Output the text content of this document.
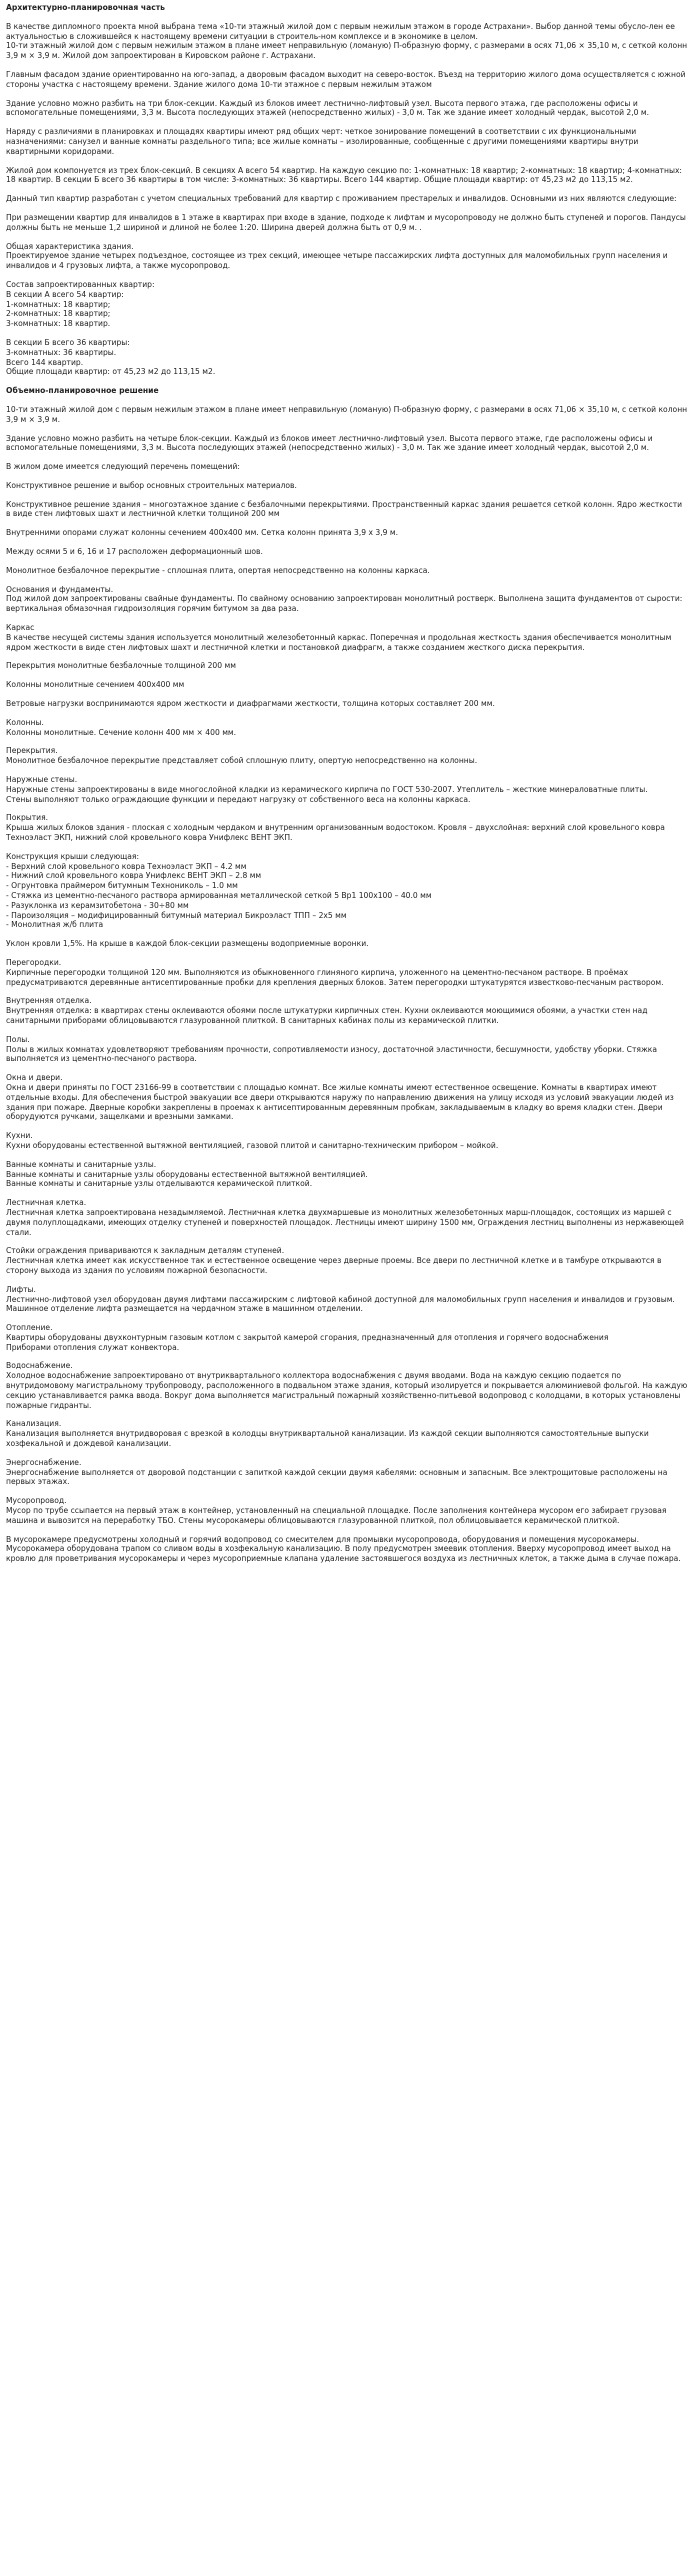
Архитектурно-планировочная часть
В качестве дипломного проекта мной выбрана тема «10-ти этажный жилой дом с первым нежилым этажом в городе Астрахани». Выбор данной темы обусло-лен ее актуальностью в сложившейся к настоящему времени ситуации в строитель-ном комплексе и в экономике в целом.
10-ти этажный жилой дом с первым нежилым этажом в плане имеет неправильную (ломаную) П-образную форму, с размерами в осях 71,06 × 35,10 м, с сеткой колонн 3,9 м × 3,9 м. Жилой дом запроектирован в Кировском районе г. Астрахани.
Главным фасадом здание ориентированно на юго-запад, а дворовым фасадом выходит на северо-восток. Въезд на территорию жилого дома осуществляется с южной стороны участка с настоящему времени. Здание жилого дома 10-ти этажное с первым нежилым этажом
Здание условно можно разбить на три блок-секции. Каждый из блоков имеет лестнично-лифтовый узел. Высота первого этажа, где расположены офисы и вспомогательные помещениями, 3,3 м. Высота последующих этажей (непосредственно жилых) - 3,0 м. Так же здание имеет холодный чердак, высотой 2,0 м.
Наряду с различиями в планировках и площадях квартиры имеют ряд общих черт: четкое зонирование помещений в соответствии с их функциональными назначениями: санузел и ванные комнаты раздельного типа; все жилые комнаты – изолированные, сообщенные с другими помещениями квартиры внутри квартирными коридорами.
Жилой дом компонуется из трех блок-секций. В секциях А всего 54 квартир. На каждую секцию по: 1-комнатных: 18 квартир; 2-комнатных: 18 квартир; 4-комнатных: 18 квартир. В секции Б всего 36 квартиры в том числе: 3-комнатных: 36 квартиры. Всего 144 квартир. Общие площади квартир: от 45,23 м2 до 113,15 м2.
Данный тип квартир разработан с учетом специальных требований для квартир с проживанием престарелых и инвалидов. Основными из них являются следующие:
При размещении квартир для инвалидов в 1 этаже в квартирах при входе в здание, подходе к лифтам и мусоропроводу не должно быть ступеней и порогов. Пандусы должны быть не меньше 1,2 шириной и длиной не более 1:20. Ширина дверей должна быть от 0,9 м. .
Общая характеристика здания.
Проектируемое здание четырех подъездное, состоящее из трех секций, имеющее четыре пассажирских лифта доступных для маломобильных групп населения и инвалидов и 4 грузовых лифта, а также мусоропровод.
Состав запроектированных квартир:
В секции А всего 54 квартир:
1-комнатных: 18 квартир;
2-комнатных: 18 квартир;
3-комнатных: 18 квартир.
В секции Б всего 36 квартиры:
3-комнатных: 36 квартиры.
Всего 144 квартир.
Общие площади квартир: от 45,23 м2 до 113,15 м2.
Объемно-планировочное решение
10-ти этажный жилой дом с первым нежилым этажом в плане имеет неправильную (ломаную) П-образную форму, с размерами в осях 71,06 × 35,10 м, с сеткой колонн 3,9 м × 3,9 м.
Здание условно можно разбить на четыре блок-секции. Каждый из блоков имеет лестнично-лифтовый узел. Высота первого этаже, где расположены офисы и вспомогательные помещениями, 3,3 м. Высота последующих этажей (непосредственно жилых) - 3,0 м. Так же здание имеет холодный чердак, высотой 2,0 м.
В жилом доме имеется следующий перечень помещений:
Конструктивное решение и выбор основных строительных материалов.
Конструктивное решение здания – многоэтажное здание с безбалочными перекрытиями. Пространственный каркас здания решается сеткой колонн. Ядро жесткости в виде стен лифтовых шахт и лестничной клетки толщиной 200 мм
Внутренними опорами служат колонны сечением 400х400 мм. Сетка колонн принята 3,9 х 3,9 м.
Между осями 5 и 6, 16 и 17 расположен деформационный шов.
Монолитное безбалочное перекрытие - сплошная плита, опертая непосредственно на колонны каркаса.
Основания и фундаменты.
Под жилой дом запроектированы свайные фундаменты. По свайному основанию запроектирован монолитный ростверк. Выполнена защита фундаментов от сырости: вертикальная обмазочная гидроизоляция горячим битумом за два раза.
Каркас
В качестве несущей системы здания используется монолитный железобетонный каркас. Поперечная и продольная жесткость здания обеспечивается монолитным ядром жесткости в виде стен лифтовых шахт и лестничной клетки и постановкой диафрагм, а также созданием жесткого диска перекрытия.
Перекрытия монолитные безбалочные толщиной 200 мм
Колонны монолитные сечением 400х400 мм
Ветровые нагрузки воспринимаются ядром жесткости и диафрагмами жесткости, толщина которых составляет 200 мм.
Колонны.
Колонны монолитные. Сечение колонн 400 мм × 400 мм.
Перекрытия.
Монолитное безбалочное перекрытие представляет собой сплошную плиту, опертую непосредственно на колонны.
Наружные стены.
Наружные стены запроектированы в виде многослойной кладки из керамического кирпича по ГОСТ 530-2007. Утеплитель – жесткие минераловатные плиты.
Стены выполняют только ограждающие функции и передают нагрузку от собственного веса на колонны каркаса.
Покрытия.
Крыша жилых блоков здания - плоская с холодным чердаком и внутренним организованным водостоком. Кровля – двухслойная: верхний слой кровельного ковра Техноэласт ЭКП, нижний слой кровельного ковра Унифлекс ВЕНТ ЭКП.
Конструкция крыши следующая:
- Верхний слой кровельного ковра Техноэласт ЭКП – 4.2 мм
- Нижний слой кровельного ковра Унифлекс ВЕНТ ЭКП – 2.8 мм
- Огрунтовка праймером битумным Технониколь – 1.0 мм
- Стяжка из цементно-песчаного раствора армированная металлической сеткой 5 Вр1 100х100 – 40.0 мм
- Разуклонка из керамзитобетона - 30÷80 мм
- Пароизоляция – модифицированный битумный материал Бикроэласт ТПП – 2х5 мм
- Монолитная ж/б плита
Уклон кровли 1,5%. На крыше в каждой блок-секции размещены водоприемные воронки.
Перегородки.
Кирпичные перегородки толщиной 120 мм. Выполняются из обыкновенного глиняного кирпича, уложенного на цементно-песчаном растворе. В проёмах предусматриваются деревянные антисептированные пробки для крепления дверных блоков. Затем перегородки штукатурятся известково-песчаным раствором.
Внутренняя отделка.
Внутренняя отделка: в квартирах стены оклеиваются обоями после штукатурки кирпичных стен. Кухни оклеиваются моющимися обоями, а участки стен над санитарными приборами облицовываются глазурованной плиткой. В санитарных кабинах полы из керамической плитки.
Полы.
Полы в жилых комнатах удовлетворяют требованиям прочности, сопротивляемости износу, достаточной эластичности, бесшумности, удобству уборки. Стяжка выполняется из цементно-песчаного раствора.
Окна и двери.
Окна и двери приняты по ГОСТ 23166-99 в соответствии с площадью комнат. Все жилые комнаты имеют естественное освещение. Комнаты в квартирах имеют отдельные входы. Для обеспечения быстрой эвакуации все двери открываются наружу по направлению движения на улицу исходя из условий эвакуации людей из здания при пожаре. Дверные коробки закреплены в проемах к антисептированным деревянным пробкам, закладываемым в кладку во время кладки стен. Двери оборудуются ручками, защелками и врезными замками.
Кухни.
Кухни оборудованы естественной вытяжной вентиляцией, газовой плитой и санитарно-техническим прибором – мойкой.
Ванные комнаты и санитарные узлы.
Ванные комнаты и санитарные узлы оборудованы естественной вытяжной вентиляцией.
Ванные комнаты и санитарные узлы отделываются керамической плиткой.
Лестничная клетка.
Лестничная клетка запроектирована незадымляемой. Лестничная клетка двухмаршевые из монолитных железобетонных марш-площадок, состоящих из маршей с двумя полуплощадками, имеющих отделку ступеней и поверхностей площадок. Лестницы имеют ширину 1500 мм, Ограждения лестниц выполнены из нержавеющей стали.
Стойки ограждения привариваются к закладным деталям ступеней.
Лестничная клетка имеет как искусственное так и естественное освещение через дверные проемы. Все двери по лестничной клетке и в тамбуре открываются в сторону выхода из здания по условиям пожарной безопасности.
Лифты.
Лестнично-лифтовой узел оборудован двумя лифтами пассажирским с лифтовой кабиной доступной для маломобильных групп населения и инвалидов и грузовым.
Машинное отделение лифта размещается на чердачном этаже в машинном отделении.
Отопление.
Квартиры оборудованы двухконтурным газовым котлом с закрытой камерой сгорания, предназначенный для отопления и горячего водоснабжения
Приборами отопления служат конвектора.
Водоснабжение.
Холодное водоснабжение запроектировано от внутриквартального коллектора водоснабжения с двумя вводами. Вода на каждую секцию подается по внутридомовому магистральному трубопроводу, расположенного в подвальном этаже здания, который изолируется и покрывается алюминиевой фольгой. На каждую секцию устанавливается рамка ввода. Вокруг дома выполняется магистральный пожарный хозяйственно-питьевой водопровод с колодцами, в которых установлены пожарные гидранты.
Канализация.
Канализация выполняется внутридворовая с врезкой в колодцы внутриквартальной канализации. Из каждой секции выполняются самостоятельные выпуски хозфекальной и дождевой канализации.
Энергоснабжение.
Энергоснабжение выполняется от дворовой подстанции с запиткой каждой секции двумя кабелями: основным и запасным. Все электрощитовые расположены на первых этажах.
Мусоропровод.
Мусор по трубе ссыпается на первый этаж в контейнер, установленный на специальной площадке. После заполнения контейнера мусором его забирает грузовая машина и вывозится на переработку ТБО. Стены мусорокамеры облицовываются глазурованной плиткой, пол облицовывается керамической плиткой.
В мусорокамере предусмотрены холодный и горячий водопровод со смесителем для промывки мусоропровода, оборудования и помещения мусорокамеры. Мусорокамера оборудована трапом со сливом воды в хозфекальную канализацию. В полу предусмотрен змеевик отопления. Вверху мусоропровод имеет выход на кровлю для проветривания мусорокамеры и через мусороприемные клапана удаление застоявшегося воздуха из лестничных клеток, а также дыма в случае пожара.
